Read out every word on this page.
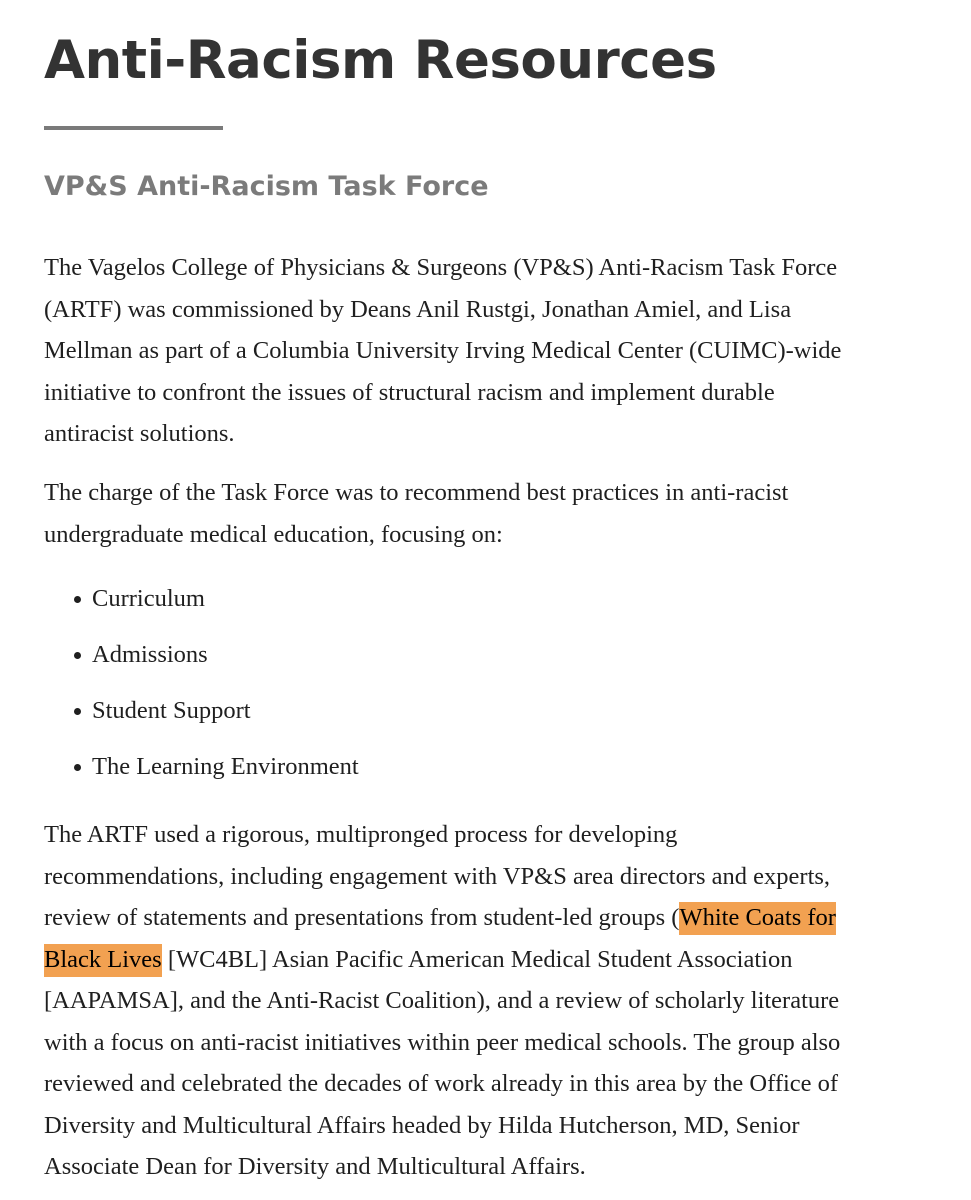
Anti-Racism Resources
VP&S Anti-Racism Task Force

The Vagelos College of Physicians & Surgeons (VP&S) Anti-Racism Task Force
(ARTF) was commissioned by Deans Anil Rustgi, Jonathan Amiel, and Lisa
Mellman as part of a Columbia University Irving Medical Center (CUIMC)-wide
initiative to confront the issues of structural racism and implement durable
antiracist solutions.

The charge of the Task Force was to recommend best practices in anti-racist
undergraduate medical education, focusing on:

Curriculum
Admissions
Student Support
The Learning Environment

The ARTF used a rigorous, multipronged process for developing
recommendations, including engagement with VP&S area directors and experts,
review of statements and presentations from student-led groups (White Coats for
Black Lives [WC4BL] Asian Pacific American Medical Student Association
[AAPAMSA], and the Anti-Racist Coalition), and a review of scholarly literature
with a focus on anti-racist initiatives within peer medical schools. The group also
reviewed and celebrated the decades of work already in this area by the Office of
Diversity and Multicultural Affairs headed by Hilda Hutcherson, MD, Senior
Associate Dean for Diversity and Multicultural Affairs.
